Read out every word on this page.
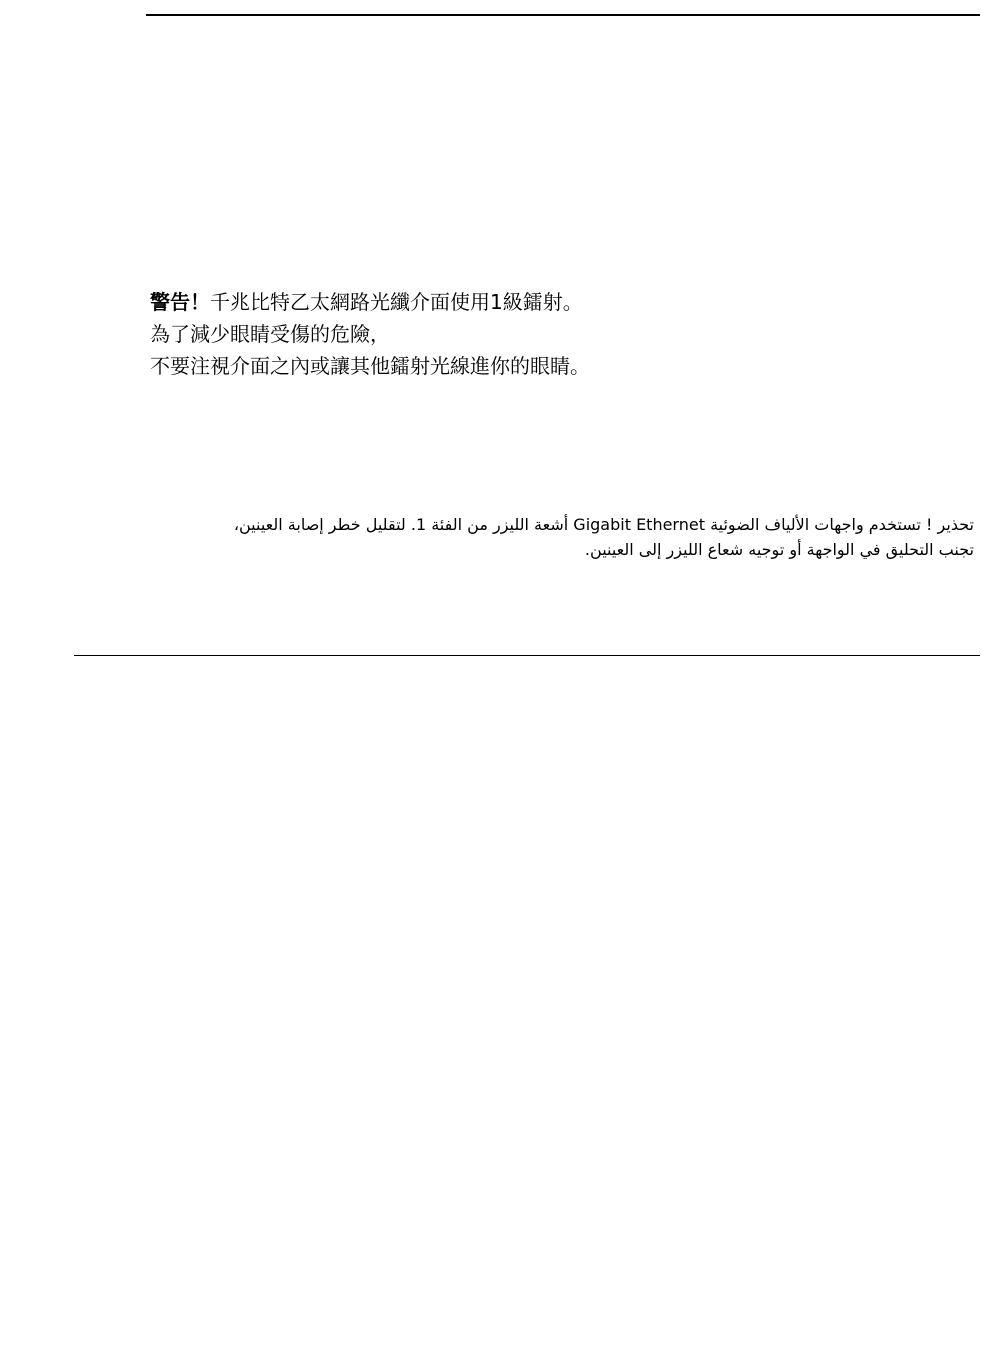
警告！千兆比特乙太網路光纖介面使用1級鐳射。
為了減少眼睛受傷的危險，
不要注視介面之內或讓其他鐳射光線進你的眼睛。
تحذير ! تستخدم واجهات الألياف الضوئية Gigabit Ethernet أشعة الليزر من الفئة 1. لتقليل خطر إصابة العينين،
تجنب التحليق في الواجهة أو توجيه شعاع الليزر إلى العينين.
